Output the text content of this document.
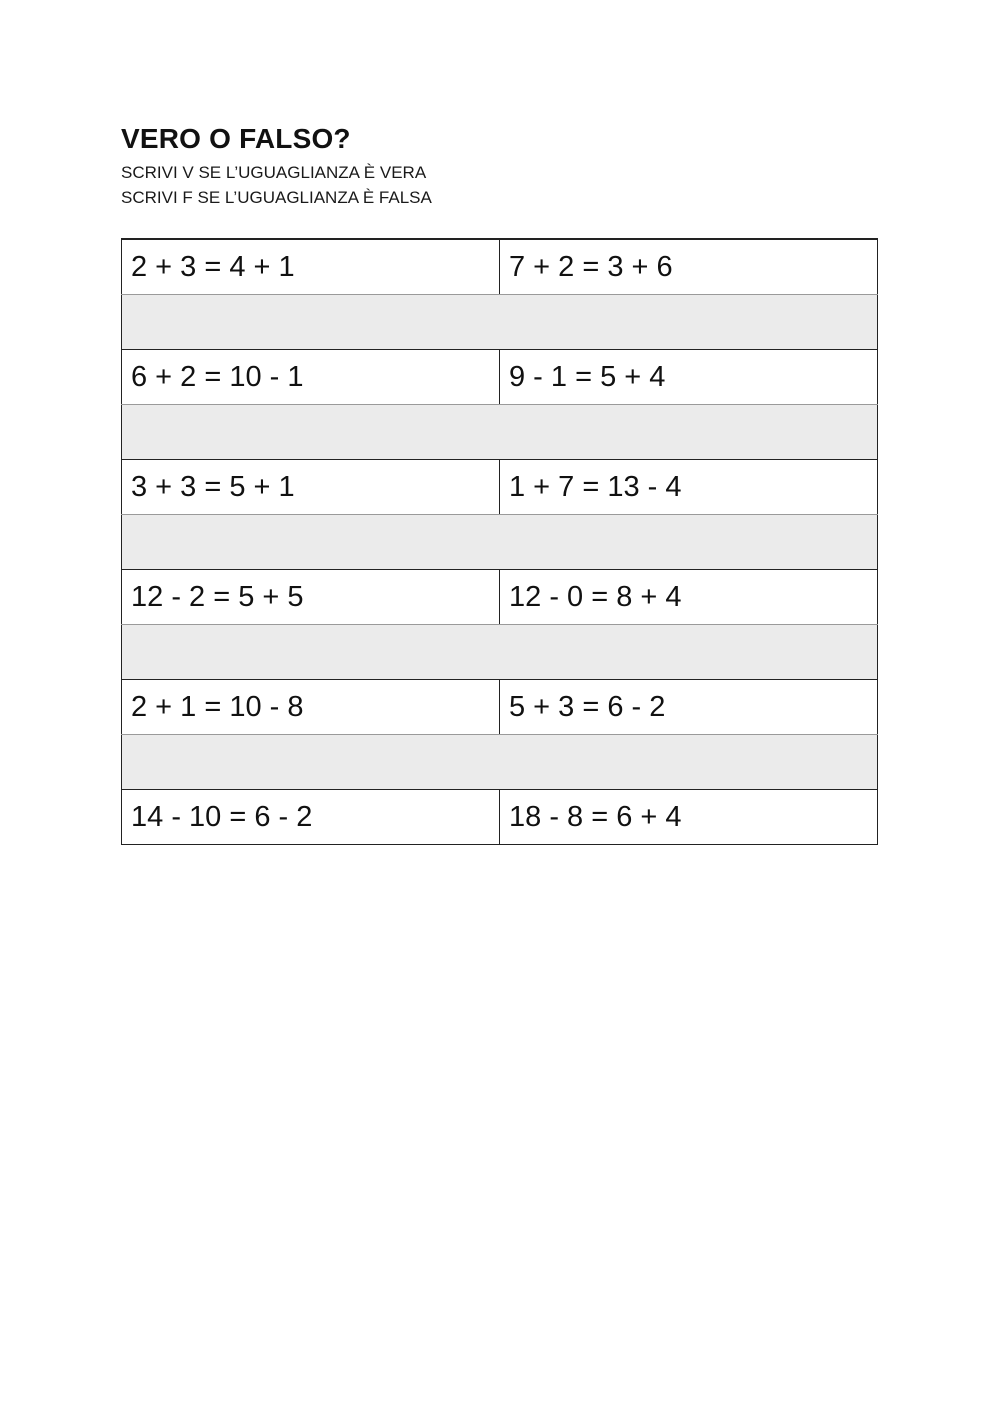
VERO O FALSO?

SCRIVI V SE L’UGUAGLIANZA È VERA

SCRIVI F SE L’UGUAGLIANZA È FALSA

2 + 3 = 4 + 1	7 + 2 = 3 + 6

6 + 2 = 10 - 1	9 - 1 = 5 + 4

3 + 3 = 5 + 1	1 + 7 = 13 - 4

12 - 2 = 5 + 5	12 - 0 = 8 + 4

2 + 1 = 10 - 8	5 + 3 = 6 - 2

14 - 10 = 6 - 2	18 - 8 = 6 + 4
